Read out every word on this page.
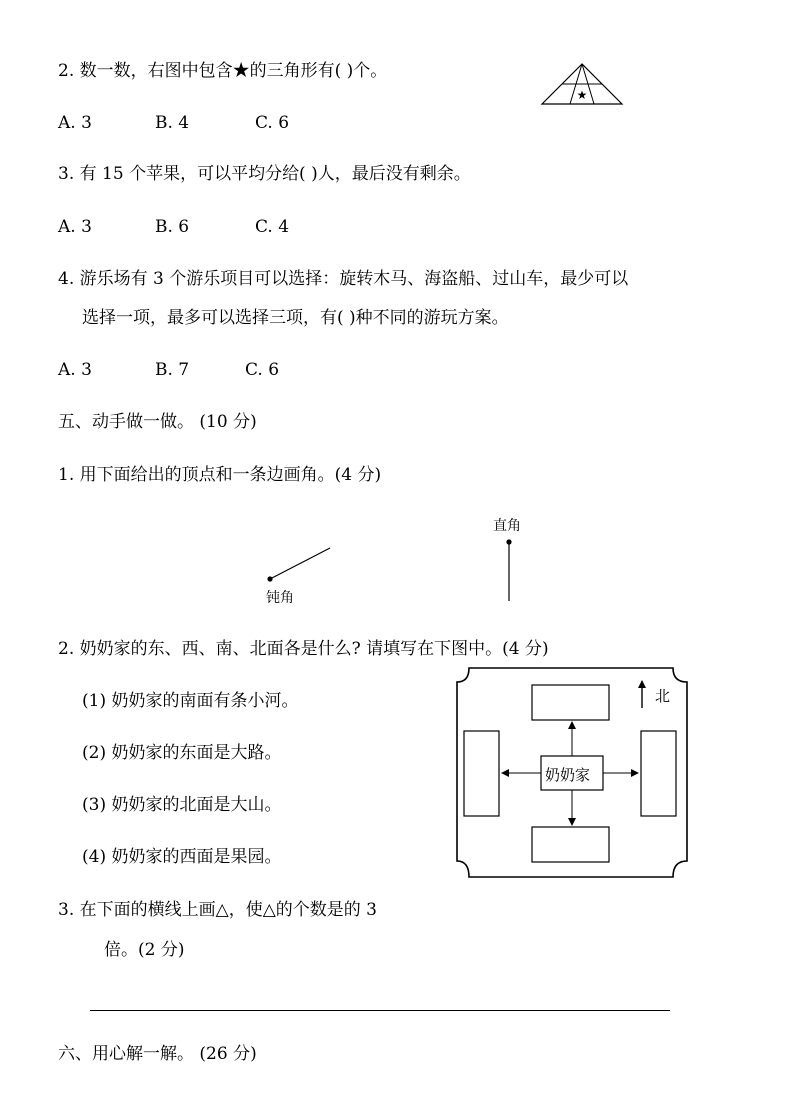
2. 数一数，右图中包含★的三角形有( )个。
★
A. 3	B. 4	C. 6
3. 有 15 个苹果，可以平均分给( )人，最后没有剩余。
A. 3	B. 6	C. 4
4. 游乐场有 3 个游乐项目可以选择：旋转木马、海盗船、过山车，最少可以
选择一项，最多可以选择三项，有( )种不同的游玩方案。
A. 3	B. 7	C. 6
五、动手做一做。 (10 分)
1. 用下面给出的顶点和一条边画角。(4 分)
钝角
直角
2. 奶奶家的东、西、南、北面各是什么? 请填写在下图中。(4 分)
(1) 奶奶家的南面有条小河。
(2) 奶奶家的东面是大路。
(3) 奶奶家的北面是大山。
(4) 奶奶家的西面是果园。
奶奶家
北
3. 在下面的横线上画△，使△的个数是的 3
倍。(2 分)
六、用心解一解。 (26 分)
